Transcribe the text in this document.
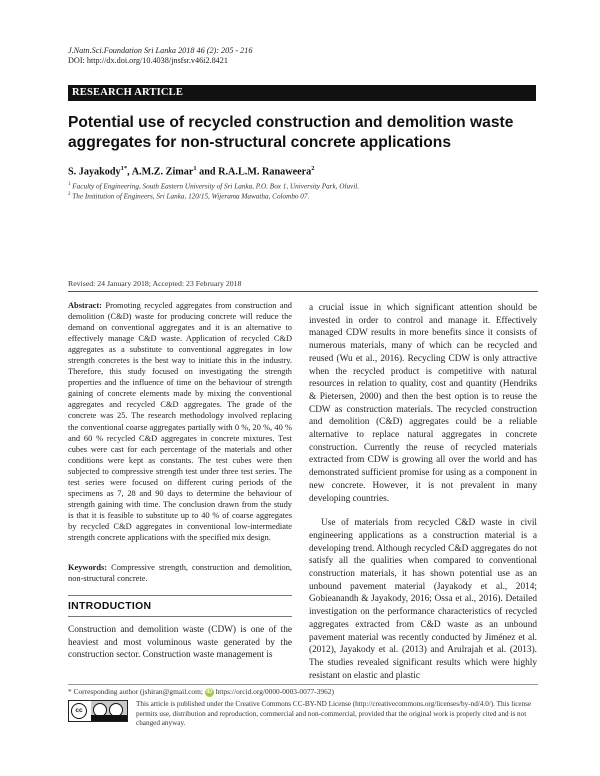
J.Natn.Sci.Foundation Sri Lanka 2018 46 (2): 205 - 216
DOI: http://dx.doi.org/10.4038/jnsfsr.v46i2.8421
RESEARCH ARTICLE
Potential use of recycled construction and demolition waste
aggregates for non-structural concrete applications
S. Jayakody$^{1*}$, A.M.Z. Zimar$^1$ and R.A.L.M. Ranaweera$^2$
$^1$ Faculty of Engineering, South Eastern University of Sri Lanka, P.O. Box 1, University Park, Oluvil.
$^2$ The Institution of Engineers, Sri Lanka, 120/15, Wijerama Mawatha, Colombo 07.
Revised: 24 January 2018; Accepted: 23 February 2018

Abstract: Promoting recycled aggregates from construction and demolition (C&D) waste for producing concrete will reduce the demand on conventional aggregates and it is an alternative to effectively manage C&D waste. Application of recycled C&D aggregates as a substitute to conventional aggregates in low strength concretes is the best way to initiate this in the industry. Therefore, this study focused on investigating the strength properties and the influence of time on the behaviour of strength gaining of concrete elements made by mixing the conventional aggregates and recycled C&D aggregates. The grade of the concrete was 25. The research methodology involved replacing the conventional coarse aggregates partially with 0 %, 20 %, 40 % and 60 % recycled C&D aggregates in concrete mixtures. Test cubes were cast for each percentage of the materials and other conditions were kept as constants. The test cubes were then subjected to compressive strength test under three test series. The test series were focused on different curing periods of the specimens as 7, 28 and 90 days to determine the behaviour of strength gaining with time. The conclusion drawn from the study is that it is feasible to substitute up to 40 % of coarse aggregates by recycled C&D aggregates in conventional low-intermediate strength concrete applications with the specified mix design.

Keywords: Compressive strength, construction and demolition, non-structural concrete.

INTRODUCTION
Construction and demolition waste (CDW) is one of the heaviest and most voluminous waste generated by the construction sector. Construction waste management is

a crucial issue in which significant attention should be invested in order to control and manage it. Effectively managed CDW results in more benefits since it consists of numerous materials, many of which can be recycled and reused (Wu et al., 2016). Recycling CDW is only attractive when the recycled product is competitive with natural resources in relation to quality, cost and quantity (Hendriks & Pietersen, 2000) and then the best option is to reuse the CDW as construction materials. The recycled construction and demolition (C&D) aggregates could be a reliable alternative to replace natural aggregates in concrete construction. Currently the reuse of recycled materials extracted from CDW is growing all over the world and has demonstrated sufficient promise for using as a component in new concrete. However, it is not prevalent in many developing countries.

Use of materials from recycled C&D waste in civil engineering applications as a construction material is a developing trend. Although recycled C&D aggregates do not satisfy all the qualities when compared to conventional construction materials, it has shown potential use as an unbound pavement material (Jayakody et al., 2014; Gobieanandh & Jayakody, 2016; Ossa et al., 2016). Detailed investigation on the performance characteristics of recycled aggregates extracted from C&D waste as an unbound pavement material was recently conducted by Jiménez et al. (2012), Jayakody et al. (2013) and Arulrajah et al. (2013). The studies revealed significant results which were highly resistant on elastic and plastic

* Corresponding author (jshiran@gmail.com; iD https://orcid.org/0000-0003-0077-3962)
cc
This article is published under the Creative Commons CC-BY-ND License (http://creativecommons.org/licenses/by-nd/4.0/). This license permits use, distribution and reproduction, commercial and non-commercial, provided that the original work is properly cited and is not changed anyway.
